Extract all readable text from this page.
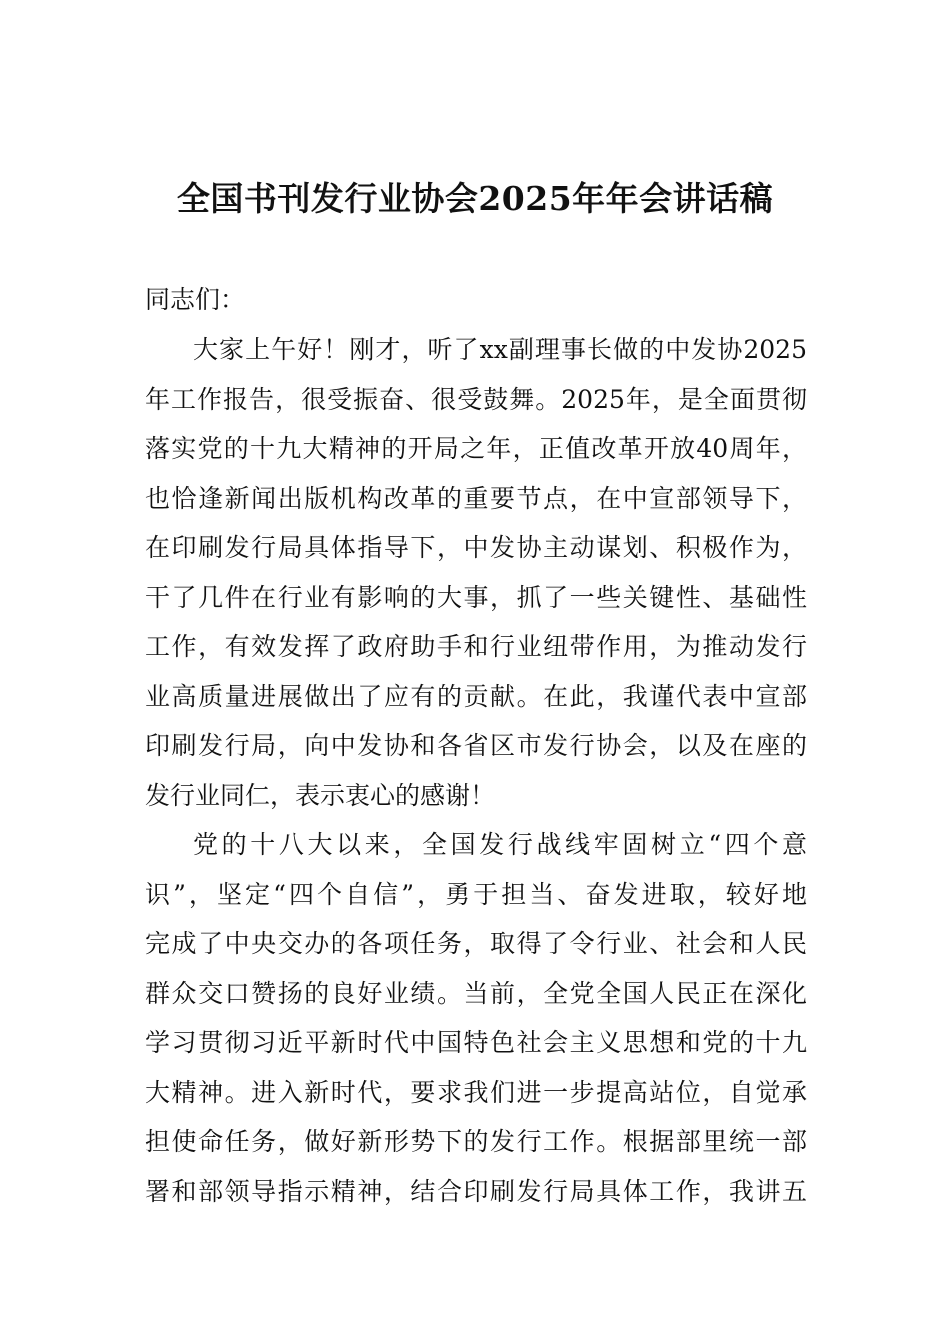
全国书刊发行业协会2025年年会讲话稿
同志们：
大家上午好！刚才，听了xx副理事长做的中发协2025
年工作报告，很受振奋、很受鼓舞。2025年，是全面贯彻
落实党的十九大精神的开局之年，正值改革开放40周年，
也恰逢新闻出版机构改革的重要节点，在中宣部领导下，
在印刷发行局具体指导下，中发协主动谋划、积极作为，
干了几件在行业有影响的大事，抓了一些关键性、基础性
工作，有效发挥了政府助手和行业纽带作用，为推动发行
业高质量进展做出了应有的贡献。在此，我谨代表中宣部
印刷发行局，向中发协和各省区市发行协会，以及在座的
发行业同仁，表示衷心的感谢！
党的十八大以来，全国发行战线牢固树立“四个意
识”，坚定“四个自信”，勇于担当、奋发进取，较好地
完成了中央交办的各项任务，取得了令行业、社会和人民
群众交口赞扬的良好业绩。当前，全党全国人民正在深化
学习贯彻习近平新时代中国特色社会主义思想和党的十九
大精神。进入新时代，要求我们进一步提高站位，自觉承
担使命任务，做好新形势下的发行工作。根据部里统一部
署和部领导指示精神，结合印刷发行局具体工作，我讲五
